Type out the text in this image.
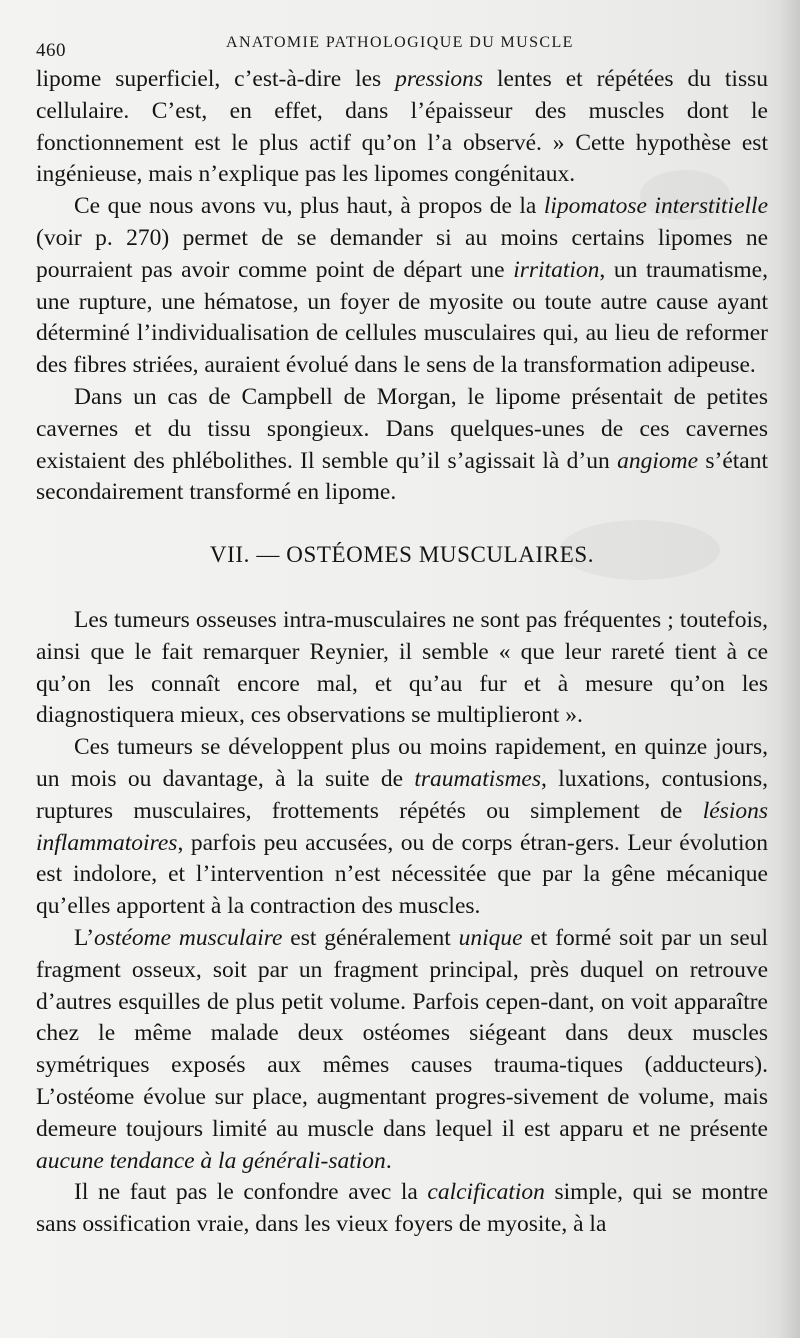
460	ANATOMIE PATHOLOGIQUE DU MUSCLE

lipome superficiel, c’est-à-dire les pressions lentes et répétées du tissu cellulaire. C’est, en effet, dans l’épaisseur des muscles dont le fonctionnement est le plus actif qu’on l’a observé. » Cette hypothèse est ingénieuse, mais n’explique pas les lipomes congénitaux.

Ce que nous avons vu, plus haut, à propos de la lipomatose interstitielle (voir p. 270) permet de se demander si au moins certains lipomes ne pourraient pas avoir comme point de départ une irritation, un traumatisme, une rupture, une hématose, un foyer de myosite ou toute autre cause ayant déterminé l’individualisation de cellules musculaires qui, au lieu de reformer des fibres striées, auraient évolué dans le sens de la transformation adipeuse.

Dans un cas de Campbell de Morgan, le lipome présentait de petites cavernes et du tissu spongieux. Dans quelques-unes de ces cavernes existaient des phlébolithes. Il semble qu’il s’agissait là d’un angiome s’étant secondairement transformé en lipome.

VII. — OSTÉOMES MUSCULAIRES.

Les tumeurs osseuses intra-musculaires ne sont pas fréquentes ; toutefois, ainsi que le fait remarquer Reynier, il semble « que leur rareté tient à ce qu’on les connaît encore mal, et qu’au fur et à mesure qu’on les diagnostiquera mieux, ces observations se multiplieront ».

Ces tumeurs se développent plus ou moins rapidement, en quinze jours, un mois ou davantage, à la suite de traumatismes, luxations, contusions, ruptures musculaires, frottements répétés ou simplement de lésions inflammatoires, parfois peu accusées, ou de corps étran-gers. Leur évolution est indolore, et l’intervention n’est nécessitée que par la gêne mécanique qu’elles apportent à la contraction des muscles.

L’ostéome musculaire est généralement unique et formé soit par un seul fragment osseux, soit par un fragment principal, près duquel on retrouve d’autres esquilles de plus petit volume. Parfois cepen-dant, on voit apparaître chez le même malade deux ostéomes siégeant dans deux muscles symétriques exposés aux mêmes causes trauma-tiques (adducteurs). L’ostéome évolue sur place, augmentant progres-sivement de volume, mais demeure toujours limité au muscle dans lequel il est apparu et ne présente aucune tendance à la générali-sation.

Il ne faut pas le confondre avec la calcification simple, qui se montre sans ossification vraie, dans les vieux foyers de myosite, à la
